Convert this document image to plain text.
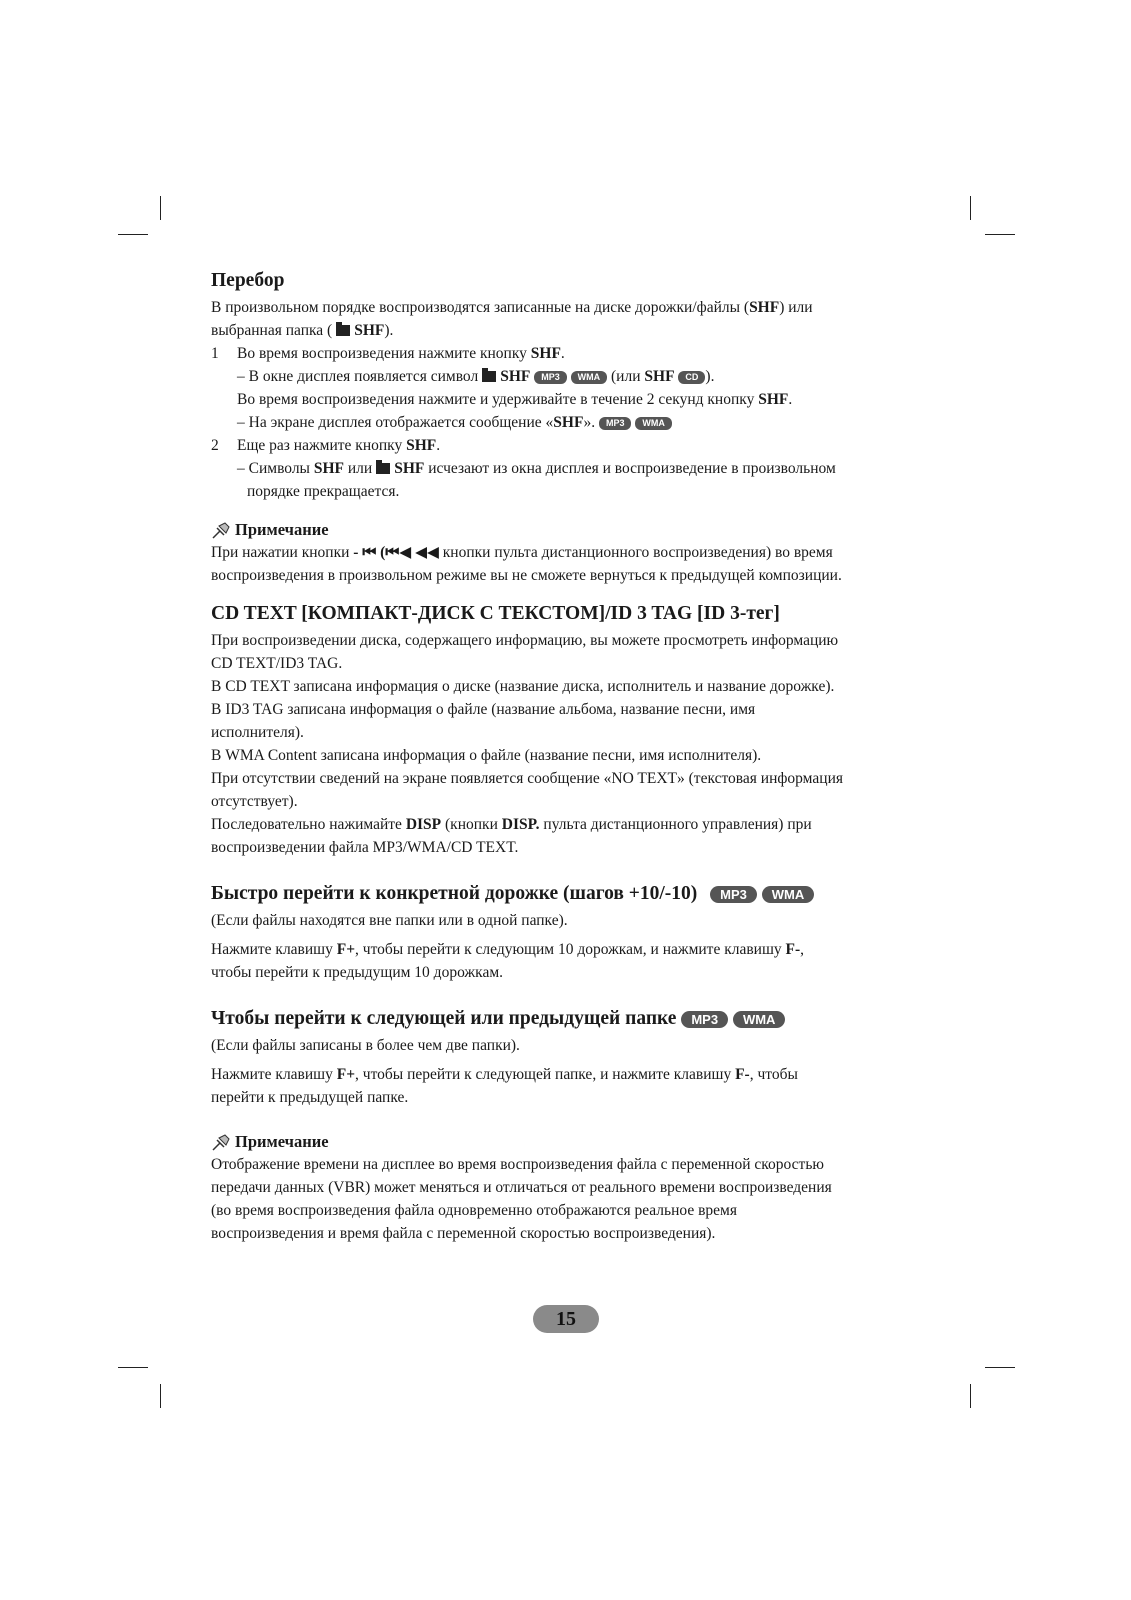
Перебор

В произвольном порядке воспроизводятся записанные на диске дорожки/файлы (SHF) или

выбранная папка ( SHF).

1 Во время воспроизведения нажмите кнопку SHF.

– В окне дисплея появляется символ SHF MP3 WMA (или SHF CD ).

Во время воспроизведения нажмите и удерживайте в течение 2 секунд кнопку SHF.

– На экране дисплея отображается сообщение «SHF». MP3 WMA

2 Еще раз нажмите кнопку SHF.

– Символы SHF или SHF исчезают из окна дисплея и воспроизведение в произвольном

порядке прекращается.

Примечание

При нажатии кнопки - ⏮ (⏮◀ ◀◀ кнопки пульта дистанционного воспроизведения) во время

воспроизведения в произвольном режиме вы не сможете вернуться к предыдущей композиции.

CD TEXT [КОМПАКТ-ДИСК С ТЕКСТОМ]/ID 3 TAG [ID 3-тег]

При воспроизведении диска, содержащего информацию, вы можете просмотреть информацию

CD TEXT/ID3 TAG.

В CD TEXT записана информация о диске (название диска, исполнитель и название дорожке).

В ID3 TAG записана информация о файле (название альбома, название песни, имя

исполнителя).

В WMA Content записана информация о файле (название песни, имя исполнителя).

При отсутствии сведений на экране появляется сообщение «NO TEXT» (текстовая информация

отсутствует).

Последовательно нажимайте DISP (кнопки DISP. пульта дистанционного управления) при

воспроизведении файла MP3/WMA/CD TEXT.

Быстро перейти к конкретной дорожке (шагов +10/-10) MP3 WMA

(Если файлы находятся вне папки или в одной папке).

Нажмите клавишу F+, чтобы перейти к следующим 10 дорожкам, и нажмите клавишу F-,

чтобы перейти к предыдущим 10 дорожкам.

Чтобы перейти к следующей или предыдущей папке MP3 WMA

(Если файлы записаны в более чем две папки).

Нажмите клавишу F+, чтобы перейти к следующей папке, и нажмите клавишу F-, чтобы

перейти к предыдущей папке.

Примечание

Отображение времени на дисплее во время воспроизведения файла с переменной скоростью

передачи данных (VBR) может меняться и отличаться от реального времени воспроизведения

(во время воспроизведения файла одновременно отображаются реальное время

воспроизведения и время файла с переменной скоростью воспроизведения).

15
